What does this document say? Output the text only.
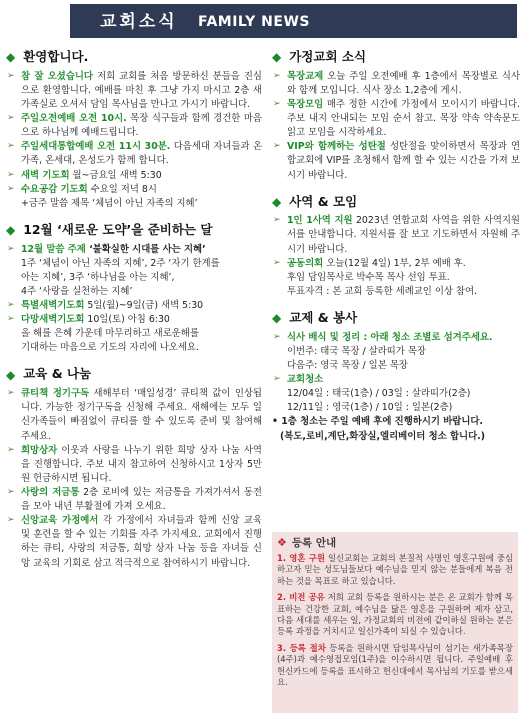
교회소식 FAMILY NEWS
◆ 환영합니다.
➢ 참 잘 오셨습니다 저희 교회를 처음 방문하신 분들을 진심으로 환영합니다. 예배를 마친 후 그냥 가지 마시고 2층 새가족실로 오셔서 담임 목사님을 만나고 가시기 바랍니다.
➢ 주일오전예배 오전 10시. 목장 식구들과 함께 경건한 마음으로 하나님께 예배드립니다.
➢ 주일세대통합예배 오전 11시 30분. 다음세대 자녀들과 온가족, 온세대, 온성도가 함께 합니다.
➢ 새벽 기도회 월~금요일 새벽 5:30
➢ 수요공감 기도회 수요일 저녁 8시
+금주 말씀 제목 ‘체념이 아닌 자족의 지혜’
◆ 12월 ‘새로운 도약’을 준비하는 달
➢ 12월 말씀 주제 ‘불확실한 시대를 사는 지혜’
1주 ‘체념이 아닌 자족의 지혜’, 2주 ‘자기 한계를
아는 지혜’, 3주 ‘하나님을 아는 지혜’,
4주 ‘사랑을 실천하는 지혜’
➢ 특별새벽기도회 5일(월)~9일(금) 새벽 5:30
➢ 다망새벽기도회 10일(토) 아침 6:30
올 해를 은혜 가운데 마무리하고 새로운해를
기대하는 마음으로 기도의 자리에 나오세요.
◆ 교육 & 나눔
➢ 큐티책 정기구독 새해부터 ‘매일성경’ 큐티책 값이 인상됩니다. 가능한 정기구독을 신청해 주세요. 새해에는 모두 일신가족들이 빠짐없이 큐티를 할 수 있도록 준비 및 참여해 주세요.
➢ 희망상자 이웃과 사랑을 나누기 위한 희망 상자 나눔 사역을 진행합니다. 주보 내지 참고하여 신청하시고 1상자 5만원 헌금하시면 됩니다.
➢ 사랑의 저금통 2층 로비에 있는 저금통을 가져가셔서 동전을 모아 내년 부활절에 가져 오세요.
➢ 신앙교육 가정예서 각 가정에서 자녀들과 함께 신앙 교육 및 훈련을 할 수 있는 기회를 자주 가지세요. 교회에서 진행하는 큐티, 사랑의 저금통, 희망 상자 나눔 등을 자녀들 신앙 교육의 기회로 삼고 적극적으로 참여하시기 바랍니다.
◆ 가정교회 소식
➢ 목장교제 오늘 주일 오전예배 후 1층에서 목장별로 식사와 함께 모입니다. 식사 장소 1,2층에 게시.
➢ 목장모임 매주 정한 시간에 가정에서 모이시기 바랍니다. 주보 내지 안내되는 모임 순서 참고. 목장 약속 약속문도 읽고 모임을 시작하세요.
➢ VIP와 함께하는 성탄절 성탄절을 맞이하면서 목장과 연합교회에 VIP를 초청해서 함께 할 수 있는 시간을 가져 보시기 바랍니다.
◆ 사역 & 모임
➢ 1인 1사역 지원 2023년 연합교회 사역을 위한 사역지원서를 안내합니다. 지원서를 잘 보고 기도하면서 자원해 주시기 바랍니다.
➢ 공동의회 오늘(12월 4일) 1부, 2부 예배 후.
후임 담임목사로 박수목 목사 선임 투표.
투표자격 : 본 교회 등록한 세례교인 이상 참여.
◆ 교제 & 봉사
➢ 식사 배식 및 정리 : 아래 청소 조별로 섬겨주세요.
이번주: 태국 목장 / 살라띠가 목장
다음주: 영국 목장 / 일본 목장
➢ 교회청소
12/04일 : 태국(1층) / 03일 : 살라띠가(2층)
12/11일 : 영국(1층) / 10일 : 일본(2층)
• 1층 청소는 주일 예배 후에 진행하시기 바랍니다.
(복도,로비,계단,화장실,엘리베이터 청소 합니다.)
❖ 등록 안내

1. 영혼 구원 일신교회는 교회의 본질적 사명인 영혼구원에 중심하고자 믿는 성도님들보다 예수님을 믿지 않는 분들에게 복음 전하는 것을 목표로 하고 있습니다.

2. 비전 공유 저희 교회 등록을 원하시는 분은 온 교회가 함께 목표하는 건강한 교회, 예수님을 닮은 영혼을 구원하며 제자 삼고, 다음 세대를 세우는 일, 가정교회의 비전에 같이하실 원하는 분은 등록 과정을 거치시고 일신가족이 되실 수 있습니다.

3. 등록 절차 등록을 원하시면 담임목사님이 섬기는 새가족목장(4주)과 예수영접모임(1주)을 이수하시면 됩니다. 주일예배 후 헌신카드에 등록을 표시하고 헌신대에서 목사님의 기도를 받으세요.
